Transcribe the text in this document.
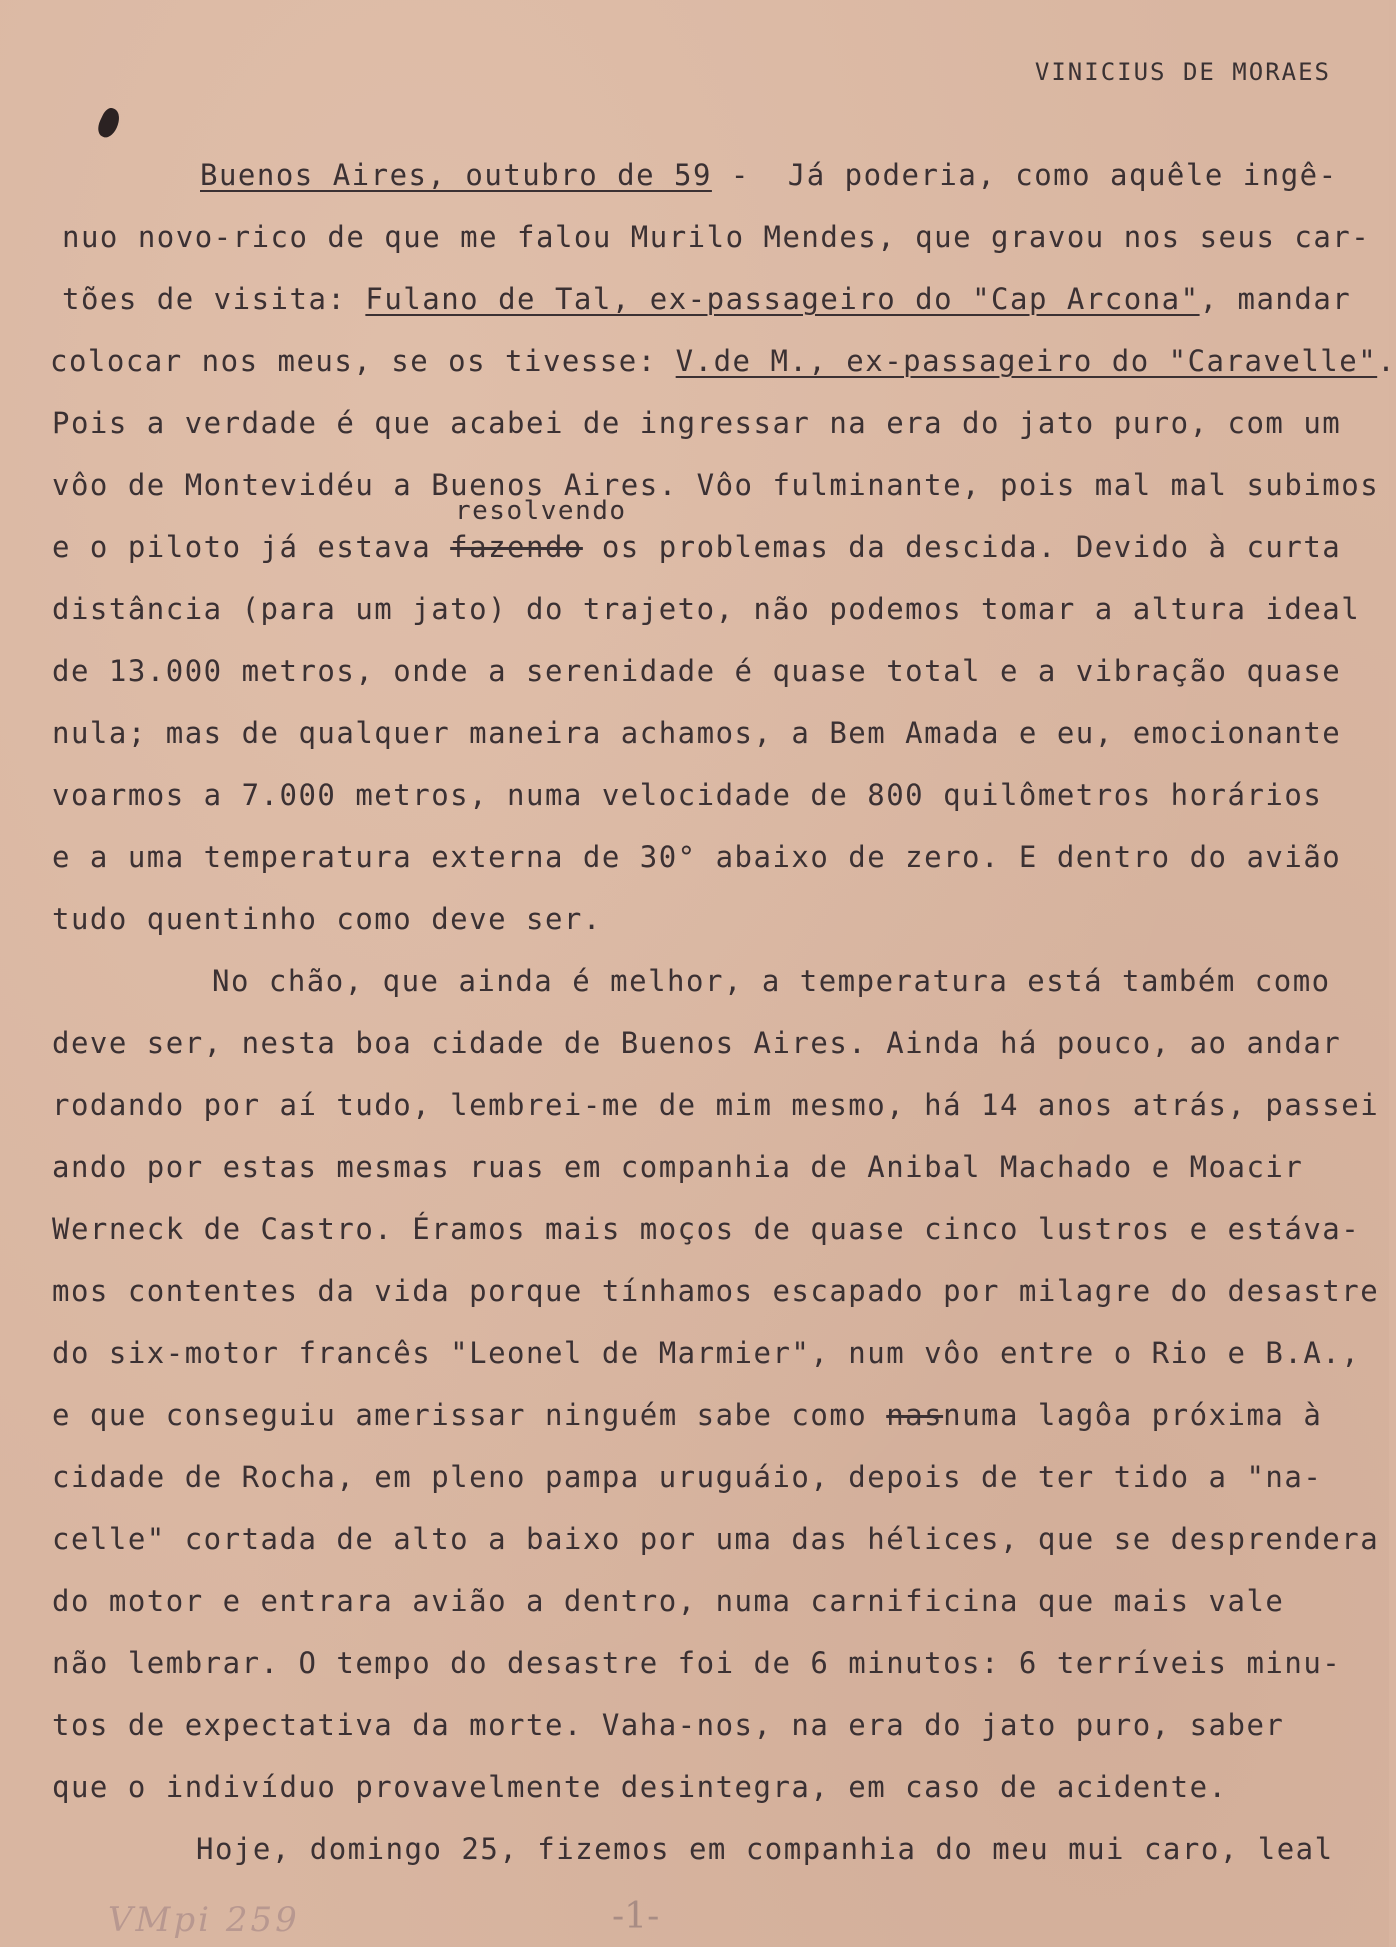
VINICIUS DE MORAES
resolvendo
Buenos Aires, outubro de 59 -  Já poderia, como aquêle ingê-
nuo novo-rico de que me falou Murilo Mendes, que gravou nos seus car-
tões de visita: Fulano de Tal, ex-passageiro do "Cap Arcona", mandar
colocar nos meus, se os tivesse: V.de M., ex-passageiro do "Caravelle".
Pois a verdade é que acabei de ingressar na era do jato puro, com um
vôo de Montevidéu a Buenos Aires. Vôo fulminante, pois mal mal subimos
e o piloto já estava fazendo os problemas da descida. Devido à curta
distância (para um jato) do trajeto, não podemos tomar a altura ideal
de 13.000 metros, onde a serenidade é quase total e a vibração quase
nula; mas de qualquer maneira achamos, a Bem Amada e eu, emocionante
voarmos a 7.000 metros, numa velocidade de 800 quilômetros horários
e a uma temperatura externa de 30° abaixo de zero. E dentro do avião
tudo quentinho como deve ser.
No chão, que ainda é melhor, a temperatura está também como
deve ser, nesta boa cidade de Buenos Aires. Ainda há pouco, ao andar
rodando por aí tudo, lembrei-me de mim mesmo, há 14 anos atrás, passei
ando por estas mesmas ruas em companhia de Anibal Machado e Moacir
Werneck de Castro. Éramos mais moços de quase cinco lustros e estáva-
mos contentes da vida porque tínhamos escapado por milagre do desastre
do six-motor francês "Leonel de Marmier", num vôo entre o Rio e B.A.,
e que conseguiu amerissar ninguém sabe como nasnuma lagôa próxima à
cidade de Rocha, em pleno pampa uruguáio, depois de ter tido a "na-
celle" cortada de alto a baixo por uma das hélices, que se desprendera
do motor e entrara avião a dentro, numa carnificina que mais vale
não lembrar. O tempo do desastre foi de 6 minutos: 6 terríveis minu-
tos de expectativa da morte. Vaha-nos, na era do jato puro, saber
que o indivíduo provavelmente desintegra, em caso de acidente.
Hoje, domingo 25, fizemos em companhia do meu mui caro, leal
VMpi 259	-1-
